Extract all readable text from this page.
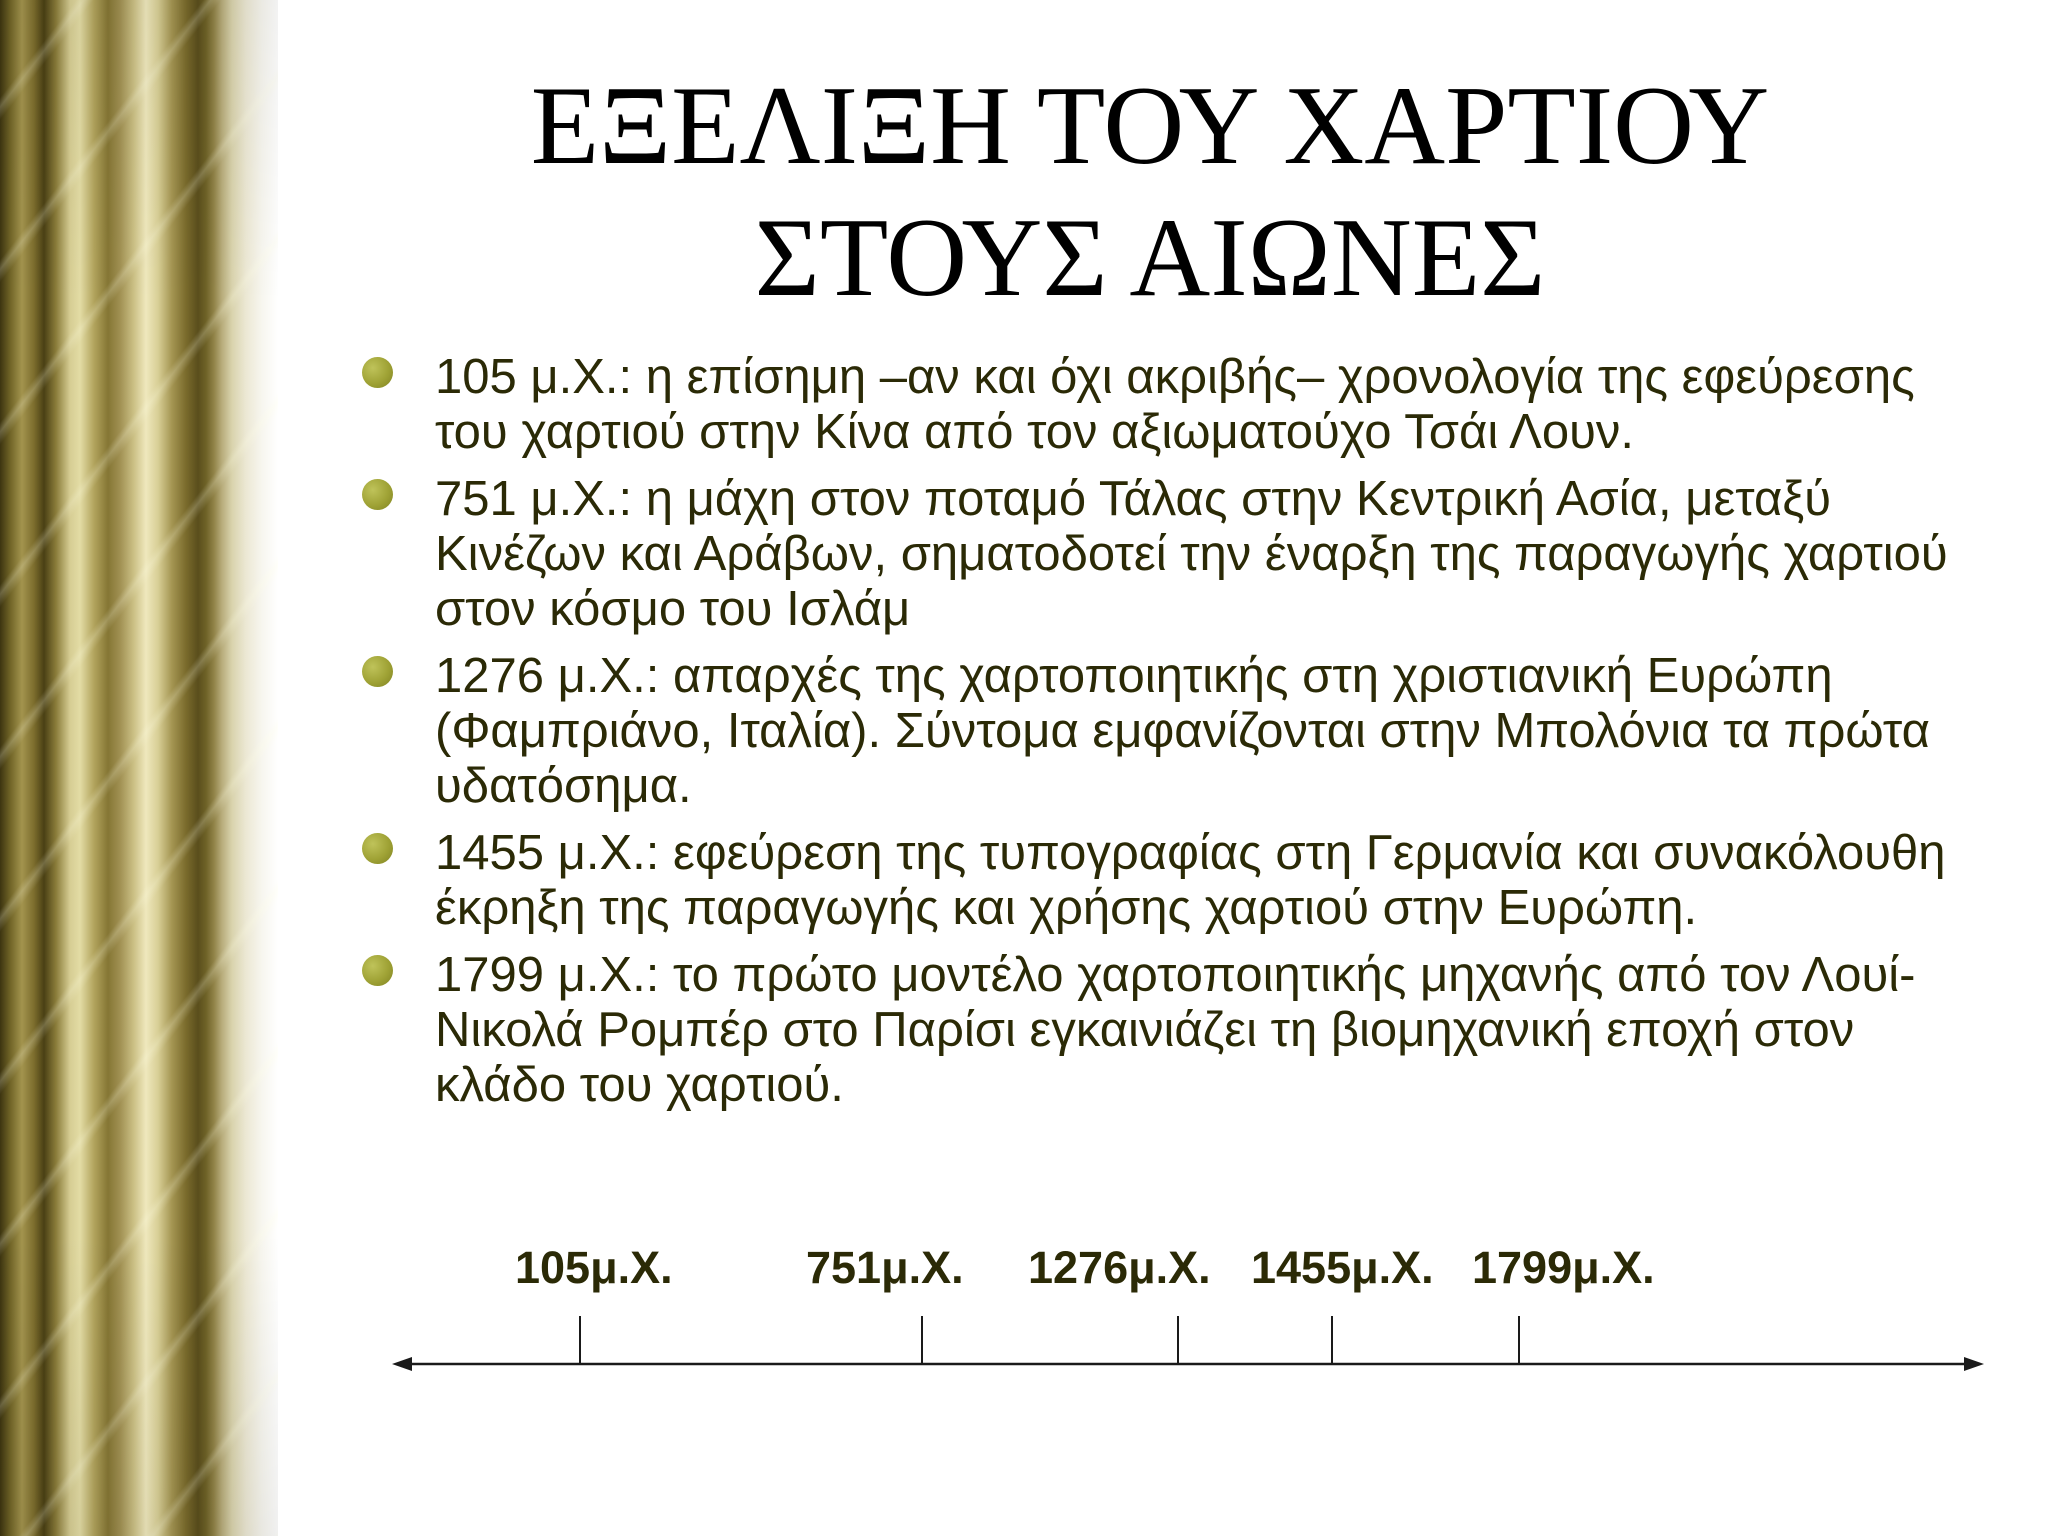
ΕΞΕΛΙΞΗ ΤΟΥ ΧΑΡΤΙΟΥ
ΣΤΟΥΣ ΑΙΩΝΕΣ
105 μ.Χ.: η επίσημη –αν και όχι ακριβής– χρονολογία της εφεύρεσης του χαρτιού στην Κίνα από τον αξιωματούχο Τσάι Λουν.
751 μ.Χ.: η μάχη στον ποταμό Τάλας στην Κεντρική Ασία, μεταξύ Κινέζων και Αράβων, σηματοδοτεί την έναρξη της παραγωγής χαρτιού στον κόσμο του Ισλάμ
1276 μ.Χ.: απαρχές της χαρτοποιητικής στη χριστιανική Ευρώπη (Φαμπριάνο, Ιταλία). Σύντομα εμφανίζονται στην Μπολόνια τα πρώτα υδατόσημα.
1455 μ.Χ.: εφεύρεση της τυπογραφίας στη Γερμανία και συνακόλουθη έκρηξη της παραγωγής και χρήσης χαρτιού στην Ευρώπη.
1799 μ.Χ.: το πρώτο μοντέλο χαρτοποιητικής μηχανής από τον Λουί-Νικολά Ρομπέρ στο Παρίσι εγκαινιάζει τη βιομηχανική εποχή στον κλάδο του χαρτιού.
105μ.Χ.	751μ.Χ. 1276μ.Χ. 1455μ.Χ. 1799μ.Χ.
